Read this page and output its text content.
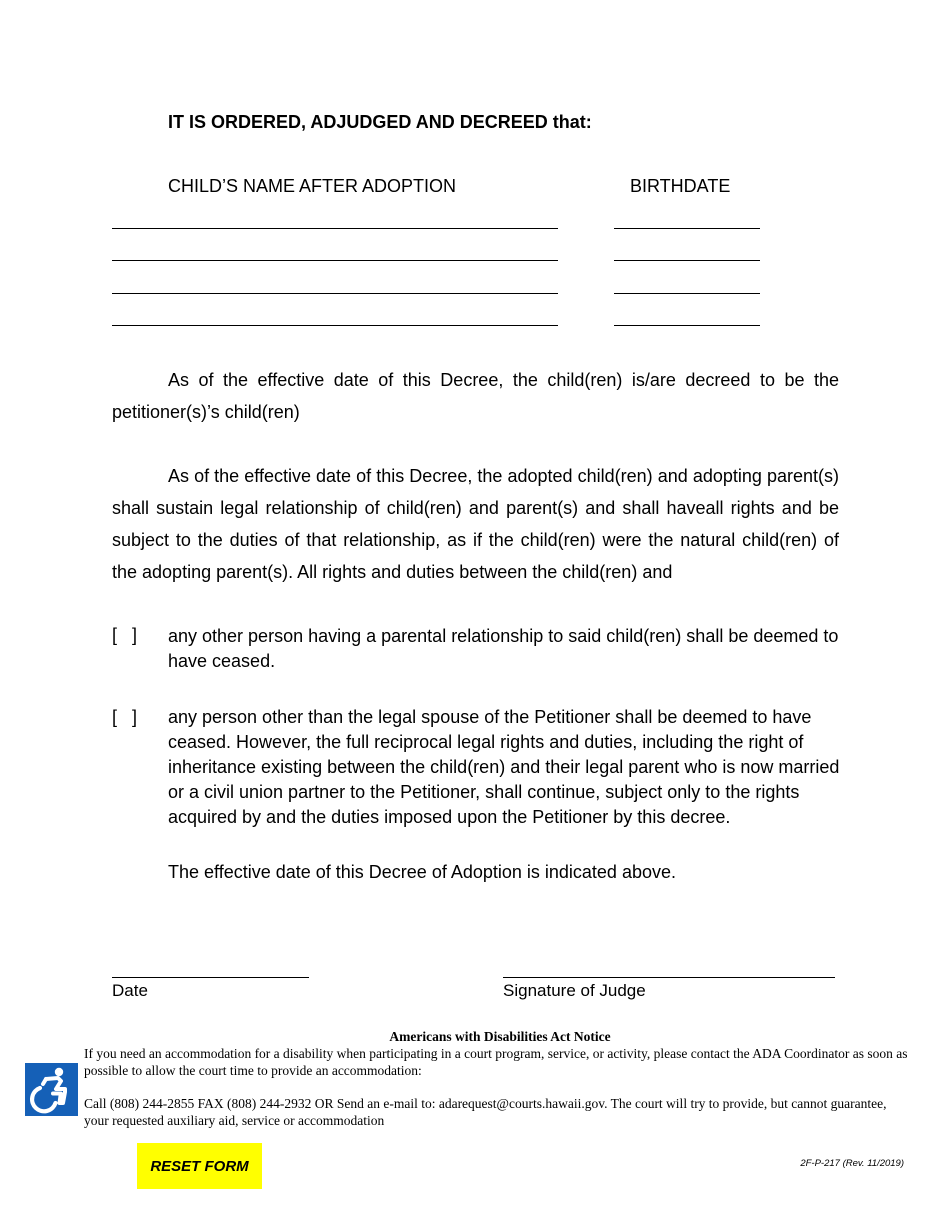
IT IS ORDERED, ADJUDGED AND DECREED that:
CHILD’S NAME AFTER ADOPTION	BIRTHDATE

As of the effective date of this Decree, the child(ren) is/are decreed to be the petitioner(s)’s child(ren)

As of the effective date of this Decree, the adopted child(ren) and adopting parent(s) shall sustain legal relationship of child(ren) and parent(s) and shall haveall rights and be subject to the duties of that relationship, as if the child(ren) were the natural child(ren) of the adopting parent(s). All rights and duties between the child(ren) and

[   ] any other person having a parental relationship to said child(ren) shall be deemed to have ceased.

[   ] any person other than the legal spouse of the Petitioner shall be deemed to have ceased. However, the full reciprocal legal rights and duties, including the right of inheritance existing between the child(ren) and their legal parent who is now married or a civil union partner to the Petitioner, shall continue, subject only to the rights acquired by and the duties imposed upon the Petitioner by this decree.

The effective date of this Decree of Adoption is indicated above.
Date	Signature of Judge
Americans with Disabilities Act Notice

If you need an accommodation for a disability when participating in a court program, service, or activity, please contact the ADA Coordinator as soon as possible to allow the court time to provide an accommodation:

Call (808) 244-2855 FAX (808) 244-2932 OR Send an e-mail to: adarequest@courts.hawaii.gov. The court will try to provide, but cannot guarantee, your requested auxiliary aid, service or accommodation

RESET FORM	2F-P-217 (Rev. 11/2019)
